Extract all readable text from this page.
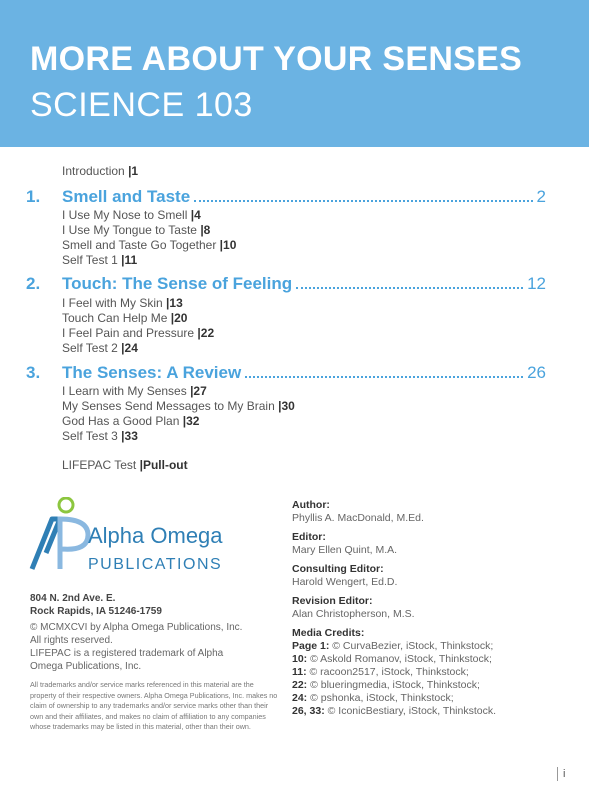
MORE ABOUT YOUR SENSES
SCIENCE 103
Introduction |1
1.	Smell and Taste	2
I Use My Nose to Smell |4
I Use My Tongue to Taste |8
Smell and Taste Go Together |10
Self Test 1 |11
2.	Touch: The Sense of Feeling	12
I Feel with My Skin |13
Touch Can Help Me |20
I Feel Pain and Pressure |22
Self Test 2 |24
3.	The Senses: A Review	26
I Learn with My Senses |27
My Senses Send Messages to My Brain |30
God Has a Good Plan |32
Self Test 3 |33
LIFEPAC Test |Pull-out
Alpha Omega
PUBLICATIONS
804 N. 2nd Ave. E.
Rock Rapids, IA 51246-1759
© MCMXCVI by Alpha Omega Publications, Inc.
All rights reserved.
LIFEPAC is a registered trademark of Alpha
Omega Publications, Inc.
All trademarks and/or service marks referenced in this material are the property of their respective owners. Alpha Omega Publications, Inc. makes no claim of ownership to any trademarks and/or service marks other than their own and their affiliates, and makes no claim of affiliation to any companies whose trademarks may be listed in this material, other than their own.
Author:
Phyllis A. MacDonald, M.Ed.
Editor:
Mary Ellen Quint, M.A.
Consulting Editor:
Harold Wengert, Ed.D.
Revision Editor:
Alan Christopherson, M.S.
Media Credits:
Page 1: © CurvaBezier, iStock, Thinkstock;
10: © Askold Romanov, iStock, Thinkstock;
11: © racoon2517, iStock, Thinkstock;
22: © blueringmedia, iStock, Thinkstock;
24: © pshonka, iStock, Thinkstock;
26, 33: © IconicBestiary, iStock, Thinkstock.
i
